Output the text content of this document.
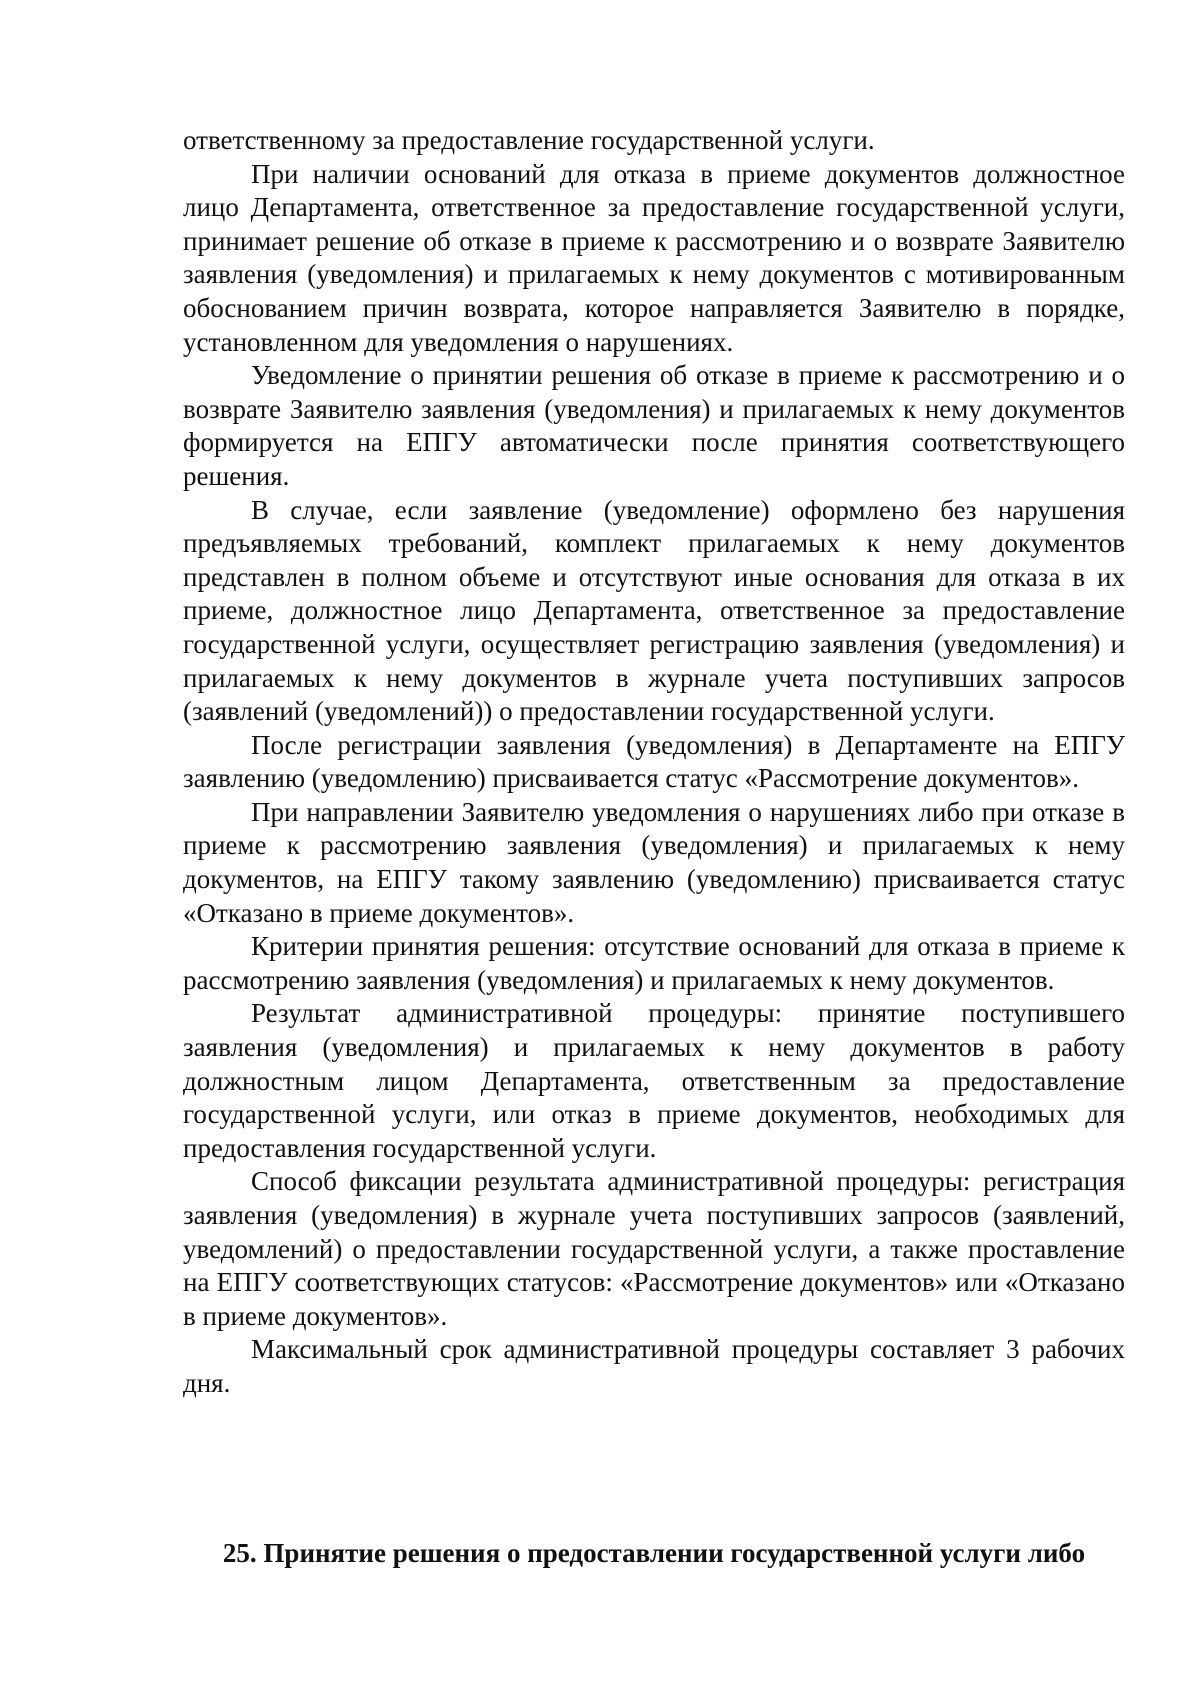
ответственному за предоставление государственной услуги.

При наличии оснований для отказа в приеме документов должностное лицо Департамента, ответственное за предоставление государственной услуги, принимает решение об отказе в приеме к рассмотрению и о возврате Заявителю заявления (уведомления) и прилагаемых к нему документов с мотивированным обоснованием причин возврата, которое направляется Заявителю в порядке, установленном для уведомления о нарушениях.

Уведомление о принятии решения об отказе в приеме к рассмотрению и о возврате Заявителю заявления (уведомления) и прилагаемых к нему документов формируется на ЕПГУ автоматически после принятия соответствующего решения.

В случае, если заявление (уведомление) оформлено без нарушения предъявляемых требований, комплект прилагаемых к нему документов представлен в полном объеме и отсутствуют иные основания для отказа в их приеме, должностное лицо Департамента, ответственное за предоставление государственной услуги, осуществляет регистрацию заявления (уведомления) и прилагаемых к нему документов в журнале учета поступивших запросов (заявлений (уведомлений)) о предоставлении государственной услуги.

После регистрации заявления (уведомления) в Департаменте на ЕПГУ заявлению (уведомлению) присваивается статус «Рассмотрение документов».

При направлении Заявителю уведомления о нарушениях либо при отказе в приеме к рассмотрению заявления (уведомления) и прилагаемых к нему документов, на ЕПГУ такому заявлению (уведомлению) присваивается статус «Отказано в приеме документов».

Критерии принятия решения: отсутствие оснований для отказа в приеме к рассмотрению заявления (уведомления) и прилагаемых к нему документов.

Результат административной процедуры: принятие поступившего заявления (уведомления) и прилагаемых к нему документов в работу должностным лицом Департамента, ответственным за предоставление государственной услуги, или отказ в приеме документов, необходимых для предоставления государственной услуги.

Способ фиксации результата административной процедуры: регистрация заявления (уведомления) в журнале учета поступивших запросов (заявлений, уведомлений) о предоставлении государственной услуги, а также проставление на ЕПГУ соответствующих статусов: «Рассмотрение документов» или «Отказано в приеме документов».

Максимальный срок административной процедуры составляет 3 рабочих дня.

25. Принятие решения о предоставлении государственной услуги либо
